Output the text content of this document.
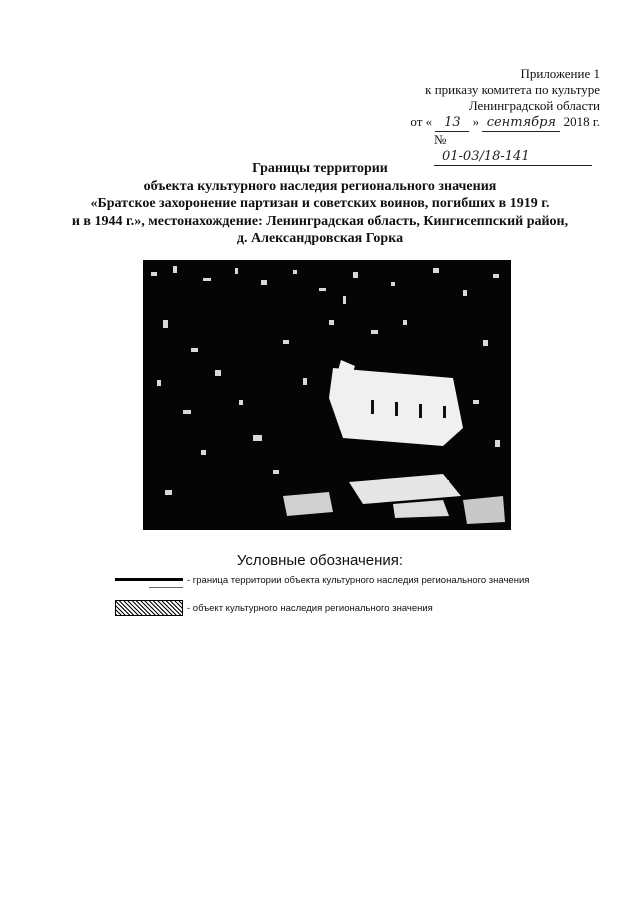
Приложение 1
к приказу комитета по культуре
Ленинградской области
от « 13 » сентября 2018 г.
№ 01-03/18-141
Границы территории
объекта культурного наследия регионального значения
«Братское захоронение партизан и советских воинов, погибших в 1919 г.
и в 1944 г.», местонахождение: Ленинградская область, Кингисеппский район,
д. Александровская Горка
Условные обозначения:
- граница территории объекта культурного наследия регионального значения
- объект культурного наследия регионального значения
